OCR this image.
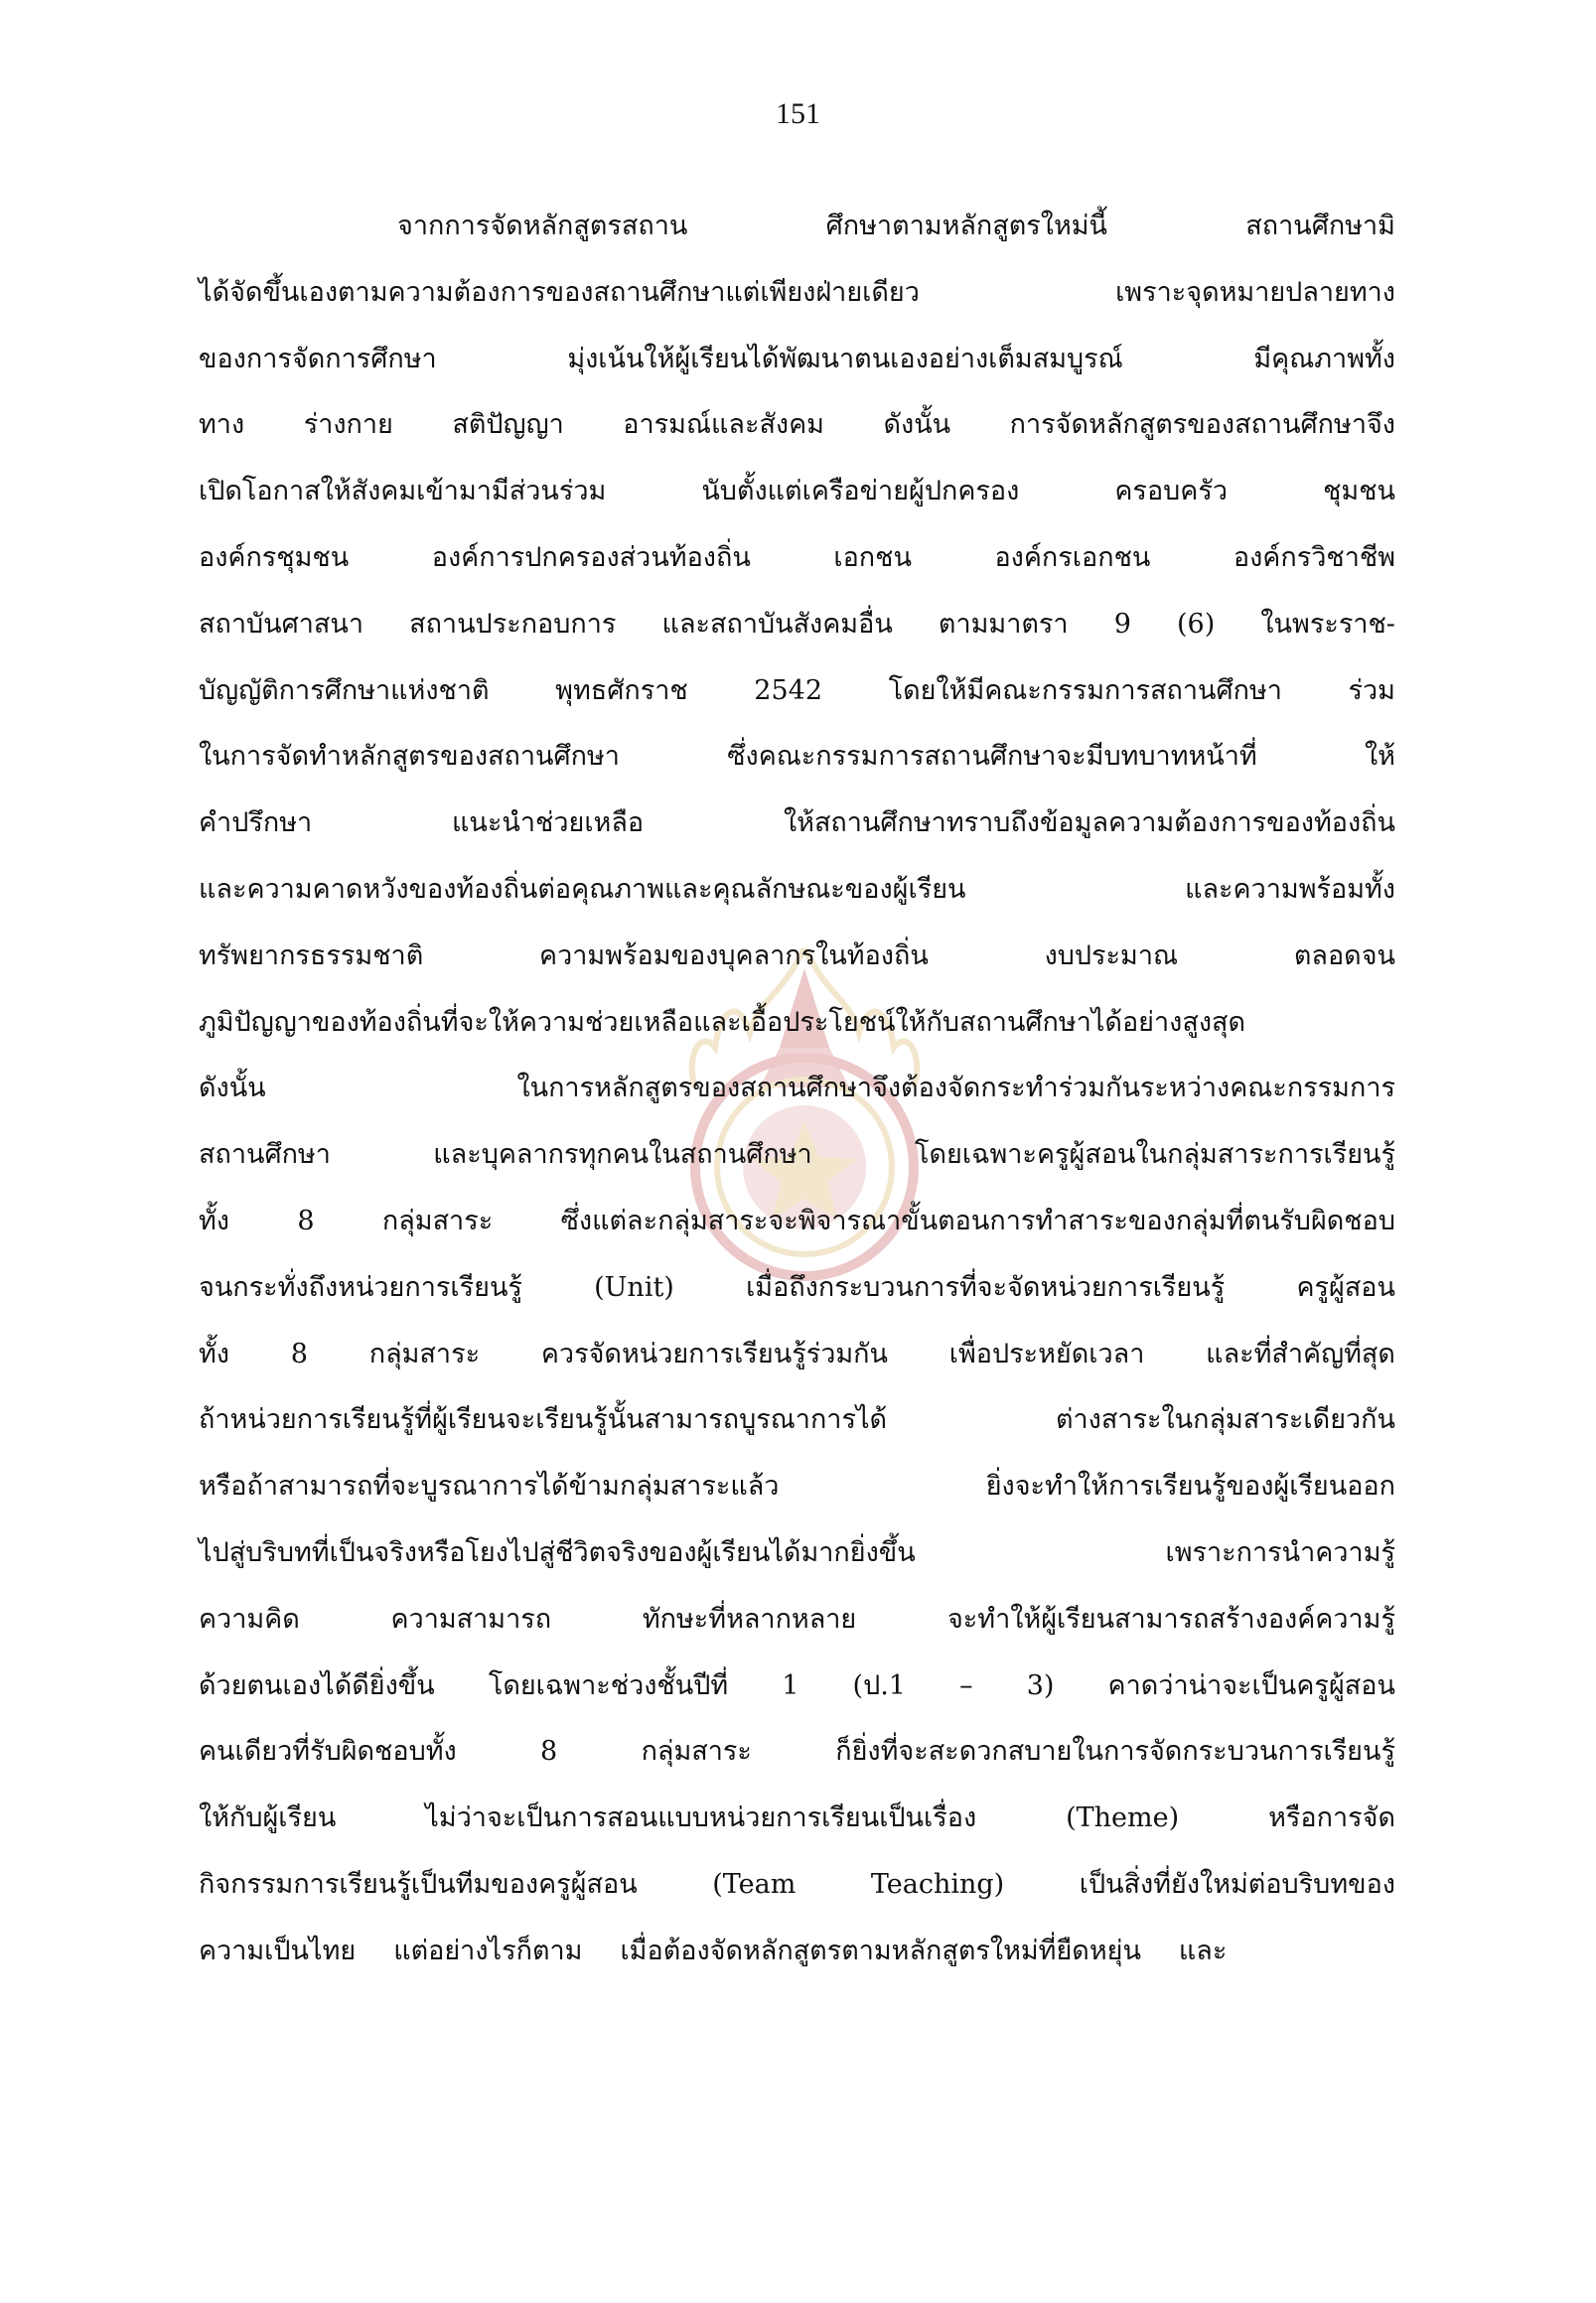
151
จากการจัดหลักสูตรสถาน	ศึกษาตามหลักสูตรใหม่นี้	สถานศึกษามิ
ได้จัดขึ้นเองตามความต้องการของสถานศึกษาแต่เพียงฝ่ายเดียว	เพราะจุดหมายปลายทาง
ของการจัดการศึกษา	มุ่งเน้นให้ผู้เรียนได้พัฒนาตนเองอย่างเต็มสมบูรณ์	มีคุณภาพทั้ง
ทาง ร่างกาย สติปัญญา อารมณ์และสังคม ดังนั้น การจัดหลักสูตรของสถานศึกษาจึง
เปิดโอกาสให้สังคมเข้ามามีส่วนร่วม	นับตั้งแต่เครือข่ายผู้ปกครอง	ครอบครัว	ชุมชน
องค์กรชุมชน	องค์การปกครองส่วนท้องถิ่น	เอกชน	องค์กรเอกชน	องค์กรวิชาชีพ
สถาบันศาสนา สถานประกอบการ และสถาบันสังคมอื่น ตามมาตรา 9 (6) ในพระราช-
บัญญัติการศึกษาแห่งชาติ พุทธศักราช 2542 โดยให้มีคณะกรรมการสถานศึกษา ร่วม
ในการจัดทำหลักสูตรของสถานศึกษา	ซึ่งคณะกรรมการสถานศึกษาจะมีบทบาทหน้าที่	ให้
คำปรึกษา	แนะนำช่วยเหลือ	ให้สถานศึกษาทราบถึงข้อมูลความต้องการของท้องถิ่น
และความคาดหวังของท้องถิ่นต่อคุณภาพและคุณลักษณะของผู้เรียน	และความพร้อมทั้ง
ทรัพยากรธรรมชาติ	ความพร้อมของบุคลากรในท้องถิ่น	งบประมาณ	ตลอดจน
ภูมิปัญญาของท้องถิ่นที่จะให้ความช่วยเหลือและเอื้อประโยชน์ให้กับสถานศึกษาได้อย่างสูงสุด
ดังนั้น	ในการหลักสูตรของสถานศึกษาจึงต้องจัดกระทำร่วมกันระหว่างคณะกรรมการ
สถานศึกษา	และบุคลากรทุกคนในสถานศึกษา	โดยเฉพาะครูผู้สอนในกลุ่มสาระการเรียนรู้
ทั้ง	8	กลุ่มสาระ	ซึ่งแต่ละกลุ่มสาระจะพิจารณาขั้นตอนการทำสาระของกลุ่มที่ตนรับผิดชอบ
จนกระทั่งถึงหน่วยการเรียนรู้	(Unit)	เมื่อถึงกระบวนการที่จะจัดหน่วยการเรียนรู้	ครูผู้สอน
ทั้ง 8 กลุ่มสาระ ควรจัดหน่วยการเรียนรู้ร่วมกัน เพื่อประหยัดเวลา และที่สำคัญที่สุด
ถ้าหน่วยการเรียนรู้ที่ผู้เรียนจะเรียนรู้นั้นสามารถบูรณาการได้	ต่างสาระในกลุ่มสาระเดียวกัน
หรือถ้าสามารถที่จะบูรณาการได้ข้ามกลุ่มสาระแล้ว	ยิ่งจะทำให้การเรียนรู้ของผู้เรียนออก
ไปสู่บริบทที่เป็นจริงหรือโยงไปสู่ชีวิตจริงของผู้เรียนได้มากยิ่งขึ้น	เพราะการนำความรู้
ความคิด	ความสามารถ	ทักษะที่หลากหลาย	จะทำให้ผู้เรียนสามารถสร้างองค์ความรู้
ด้วยตนเองได้ดียิ่งขึ้น โดยเฉพาะช่วงชั้นปีที่ 1 (ป.1 – 3) คาดว่าน่าจะเป็นครูผู้สอน
คนเดียวที่รับผิดชอบทั้ง	8	กลุ่มสาระ	ก็ยิ่งที่จะสะดวกสบายในการจัดกระบวนการเรียนรู้
ให้กับผู้เรียน	ไม่ว่าจะเป็นการสอนแบบหน่วยการเรียนเป็นเรื่อง	(Theme)	หรือการจัด
กิจกรรมการเรียนรู้เป็นทีมของครูผู้สอน	(Team	Teaching)	เป็นสิ่งที่ยังใหม่ต่อบริบทของ
ความเป็นไทย แต่อย่างไรก็ตาม เมื่อต้องจัดหลักสูตรตามหลักสูตรใหม่ที่ยืดหยุ่น และ
